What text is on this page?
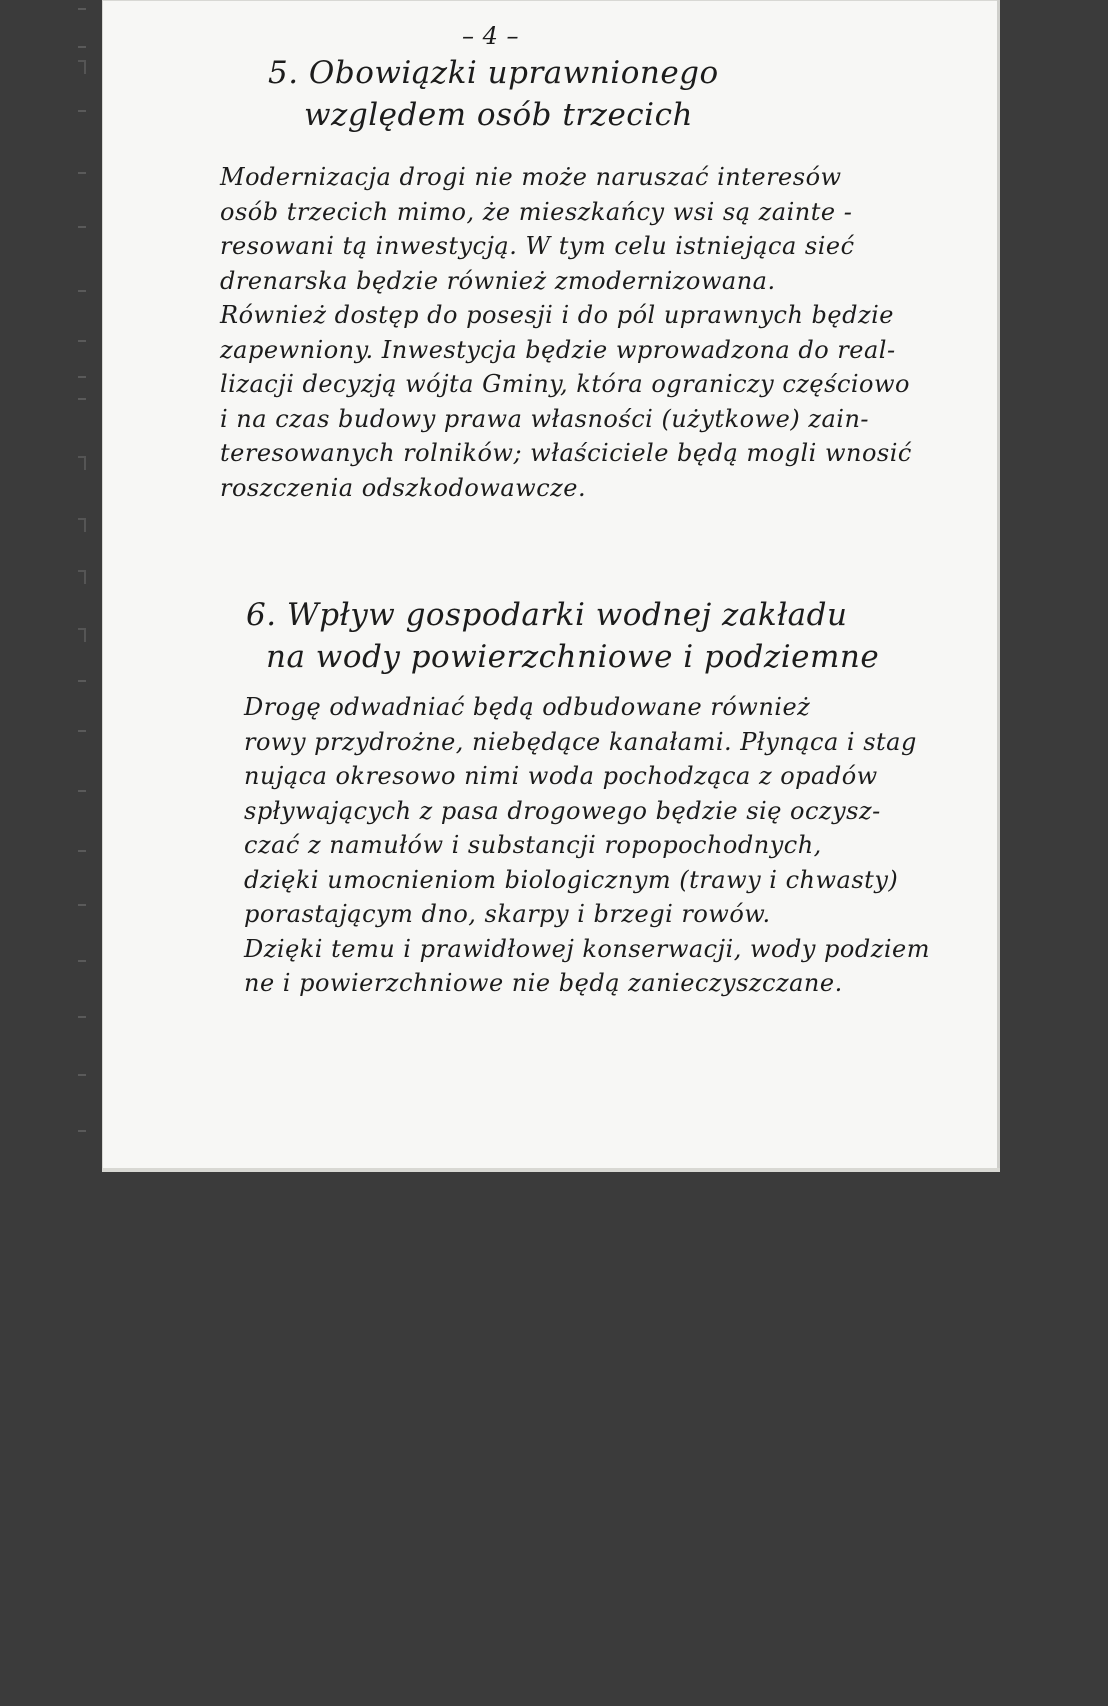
– 4 –
5. Obowiązki uprawnionego
względem osób trzecich
Modernizacja drogi nie może naruszać interesów
osób trzecich mimo, że mieszkańcy wsi są zainte -
resowani tą inwestycją. W tym celu istniejąca sieć
drenarska będzie również zmodernizowana.
Również dostęp do posesji i do pól uprawnych będzie
zapewniony. Inwestycja będzie wprowadzona do real-
lizacji decyzją wójta Gminy, która ograniczy częściowo
i na czas budowy prawa własności (użytkowe) zain-
teresowanych rolników; właściciele będą mogli wnosić
roszczenia odszkodowawcze.
6. Wpływ gospodarki wodnej zakładu
na wody powierzchniowe i podziemne
Drogę odwadniać będą odbudowane również
rowy przydrożne, niebędące kanałami. Płynąca i stag
nująca okresowo nimi woda pochodząca z opadów
spływających z pasa drogowego będzie się oczysz-
czać z namułów i substancji ropopochodnych,
dzięki umocnieniom biologicznym (trawy i chwasty)
porastającym dno, skarpy i brzegi rowów.
Dzięki temu i prawidłowej konserwacji, wody podziem
ne i powierzchniowe nie będą zanieczyszczane.
